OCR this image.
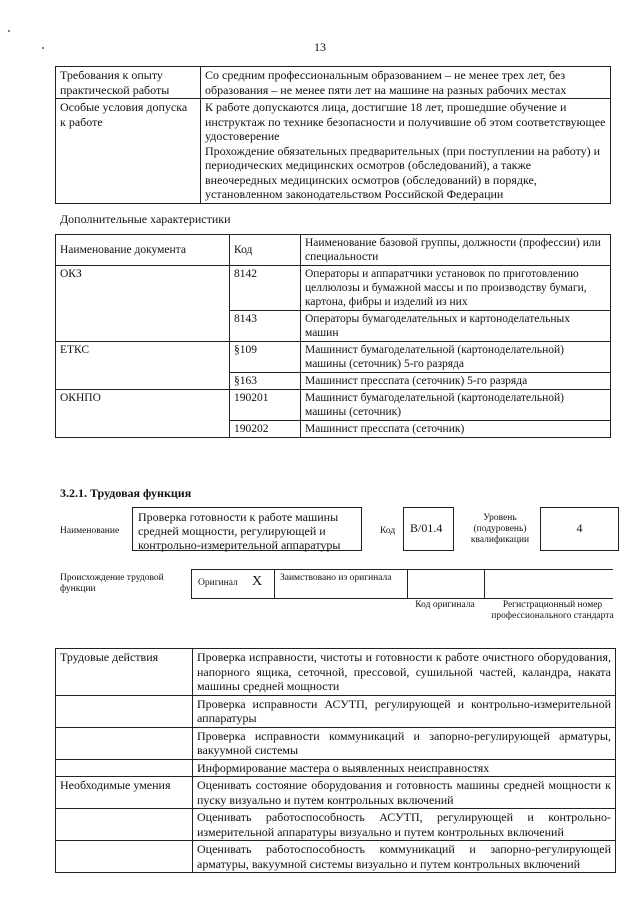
13
Требования к опыту практической работы	Со средним профессиональным образованием – не менее трех лет, без образования – не менее пяти лет на машине на разных рабочих местах
Особые условия допуска к работе	К работе допускаются лица, достигшие 18 лет, прошедшие обучение и инструктаж по технике безопасности и получившие об этом соответствующее удостоверение
Прохождение обязательных предварительных (при поступлении на работу) и периодических медицинских осмотров (обследований), а также внеочередных медицинских осмотров (обследований) в порядке, установленном законодательством Российской Федерации
Дополнительные характеристики
Наименование документа	Код	Наименование базовой группы, должности (профессии) или специальности
ОКЗ	8142	Операторы и аппаратчики установок по приготовлению целлюлозы и бумажной массы и по производству бумаги, картона, фибры и изделий из них
	8143	Операторы бумагоделательных и картоноделательных машин
ЕТКС	§109	Машинист бумагоделательной (картоноделательной) машины (сеточник) 5-го разряда
	§163	Машинист пресспата (сеточник) 5-го разряда
ОКНПО	190201	Машинист бумагоделательной (картоноделательной) машины (сеточник)
	190202	Машинист пресспата (сеточник)
3.2.1. Трудовая функция
Наименование
Проверка готовности к работе машины средней мощности, регулирующей и контрольно-измерительной аппаратуры
Код	В/01.4
Уровень (подуровень) квалификации
4
Происхождение трудовой функции
Оригинал Х Заимствовано из оригинала
Код оригинала	Регистрационный номер профессионального стандарта
Трудовые действия	Проверка исправности, чистоты и готовности к работе очистного оборудования, напорного ящика, сеточной, прессовой, сушильной частей, каландра, наката машины средней мощности
	Проверка исправности АСУТП, регулирующей и контрольно-измерительной аппаратуры
	Проверка исправности коммуникаций и запорно-регулирующей арматуры, вакуумной системы
	Информирование мастера о выявленных неисправностях
Необходимые умения	Оценивать состояние оборудования и готовность машины средней мощности к пуску визуально и путем контрольных включений
	Оценивать работоспособность АСУТП, регулирующей и контрольно-измерительной аппаратуры визуально и путем контрольных включений
	Оценивать работоспособность коммуникаций и запорно-регулирующей арматуры, вакуумной системы визуально и путем контрольных включений
